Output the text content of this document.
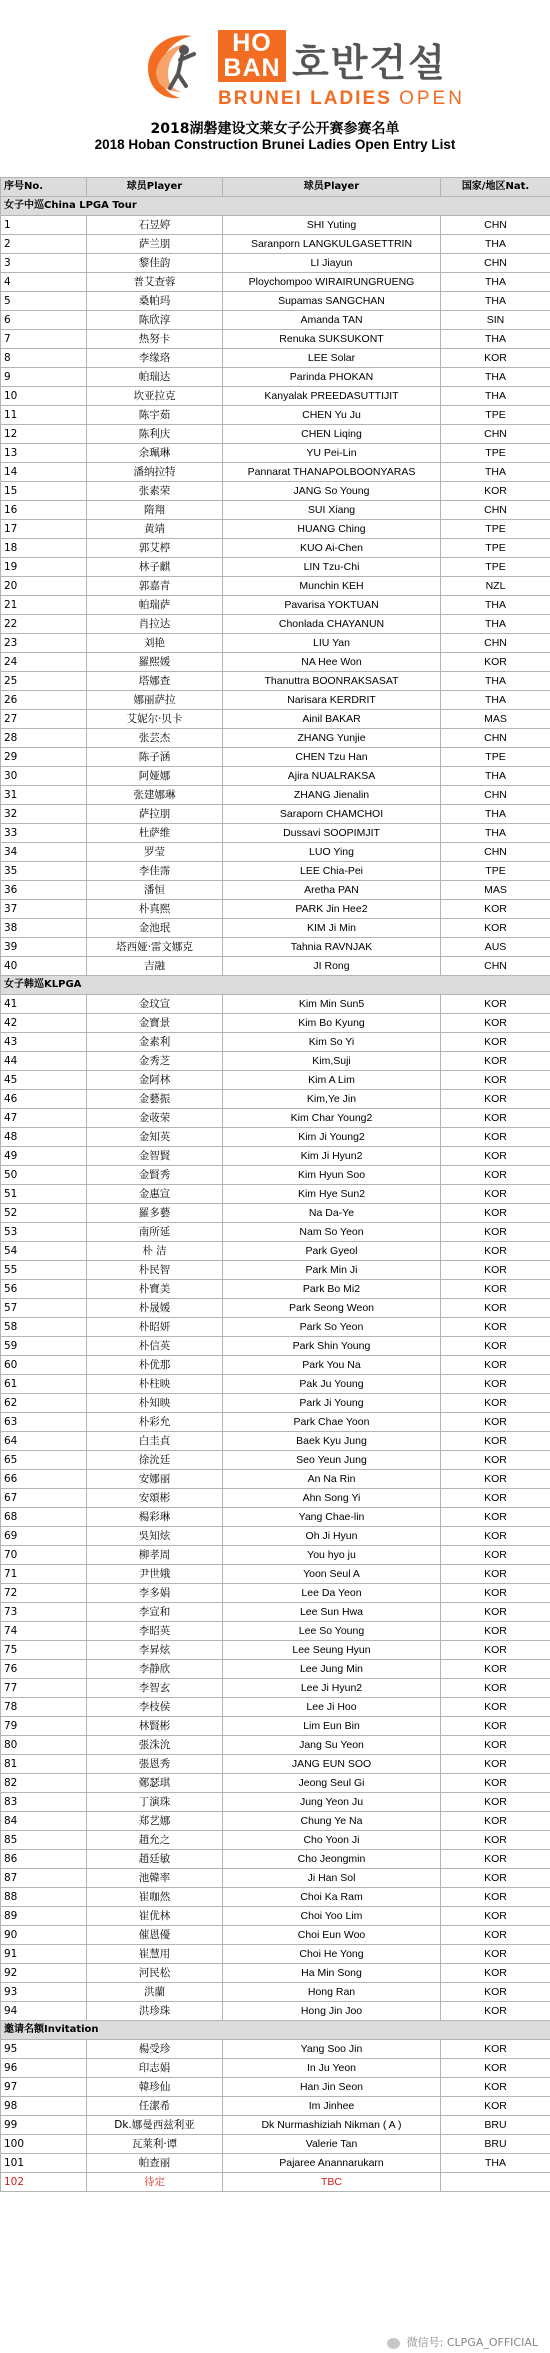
HO
BAN 호반건설
BRUNEI LADIES OPEN
2018湖磐建设文莱女子公开赛参赛名单
2018 Hoban Construction Brunei Ladies Open Entry List
序号No.	球员Player	球员Player	国家/地区Nat.
女子中巡China LPGA Tour			
1	石昱婷	SHI Yuting	CHN
2	萨兰朋	Saranporn LANGKULGASETTRIN	THA
3	黎佳韵	LI Jiayun	CHN
4	普艾查蓉	Ploychompoo WIRAIRUNGRUENG	THA
5	桑帕玛	Supamas SANGCHAN	THA
6	陈欣淳	Amanda TAN	SIN
7	热努卡	Renuka SUKSUKONT	THA
8	李缘珞	LEE Solar	KOR
9	帕瑞达	Parinda PHOKAN	THA
10	坎亚拉克	Kanyalak PREEDASUTTIJIT	THA
11	陈宇茹	CHEN Yu Ju	TPE
12	陈利庆	CHEN Liqing	CHN
13	余珮琳	YU Pei-Lin	TPE
14	潘纳拉特	Pannarat THANAPOLBOONYARAS	THA
15	张素荣	JANG So Young	KOR
16	隋翔	SUI Xiang	CHN
17	黄靖	HUANG Ching	TPE
18	郭艾楟	KUO Ai-Chen	TPE
19	林子麒	LIN Tzu-Chi	TPE
20	郭嘉青	Munchin KEH	NZL
21	帕瑞萨	Pavarisa YOKTUAN	THA
22	肖拉达	Chonlada CHAYANUN	THA
23	刘艳	LIU Yan	CHN
24	羅熙媛	NA Hee Won	KOR
25	塔娜查	Thanuttra BOONRAKSASAT	THA
26	娜丽萨拉	Narisara KERDRIT	THA
27	艾妮尔·贝卡	Ainil BAKAR	MAS
28	张芸杰	ZHANG Yunjie	CHN
29	陈子涵	CHEN Tzu Han	TPE
30	阿娅娜	Ajira NUALRAKSA	THA
31	张建娜琳	ZHANG Jienalin	CHN
32	萨拉朋	Saraporn CHAMCHOI	THA
33	杜萨维	Dussavi SOOPIMJIT	THA
34	罗莹	LUO Ying	CHN
35	李佳霈	LEE Chia-Pei	TPE
36	潘恒	Aretha PAN	MAS
37	朴真熙	PARK Jin Hee2	KOR
38	金池珉	KIM Ji Min	KOR
39	塔西娅·雷文娜克	Tahnia RAVNJAK	AUS
40	吉融	JI Rong	CHN
女子韩巡KLPGA			
41	金玟宣	Kim Min Sun5	KOR
42	金寶景	Kim Bo Kyung	KOR
43	金素利	Kim So Yi	KOR
44	金秀芝	Kim,Suji	KOR
45	金阿林	Kim A Lim	KOR
46	金藝振	Kim,Ye Jin	KOR
47	金荍荣	Kim Char Young2	KOR
48	金知英	Kim Ji Young2	KOR
49	金智賢	Kim Ji Hyun2	KOR
50	金賢秀	Kim Hyun Soo	KOR
51	金惠宣	Kim Hye Sun2	KOR
52	羅多藝	Na Da-Ye	KOR
53	南所延	Nam So Yeon	KOR
54	朴 洁	Park Gyeol	KOR
55	朴民智	Park Min Ji	KOR
56	朴寶美	Park Bo Mi2	KOR
57	朴晟媛	Park Seong Weon	KOR
58	朴昭妍	Park So Yeon	KOR
59	朴信英	Park Shin Young	KOR
60	朴优那	Park You Na	KOR
61	朴柱映	Pak Ju Young	KOR
62	朴知映	Park Ji Young	KOR
63	朴彩允	Park Chae Yoon	KOR
64	白圭貞	Baek Kyu Jung	KOR
65	徐沇廷	Seo Yeun Jung	KOR
66	安娜丽	An Na Rin	KOR
67	安頌彬	Ahn Song Yi	KOR
68	楊彩琳	Yang Chae-lin	KOR
69	吳知炫	Oh Ji Hyun	KOR
70	柳孝周	You hyo ju	KOR
71	尹世娥	Yoon Seul A	KOR
72	李多娟	Lee Da Yeon	KOR
73	李宣和	Lee Sun Hwa	KOR
74	李昭英	Lee So Young	KOR
75	李昇炫	Lee Seung Hyun	KOR
76	李静欣	Lee Jung Min	KOR
77	李智玄	Lee Ji Hyun2	KOR
78	李枝侯	Lee Ji Hoo	KOR
79	林賢彬	Lim Eun Bin	KOR
80	張洙沇	Jang Su Yeon	KOR
81	張恩秀	JANG EUN SOO	KOR
82	鄭瑟琪	Jeong Seul Gi	KOR
83	丁演珠	Jung Yeon Ju	KOR
84	郑艺娜	Chung Ye Na	KOR
85	趙允之	Cho Yoon Ji	KOR
86	趙廷敏	Cho Jeongmin	KOR
87	池韓率	Ji Han Sol	KOR
88	崔咖然	Choi Ka Ram	KOR
89	崔优林	Choi Yoo Lim	KOR
90	催恩優	Choi Eun Woo	KOR
91	崔慧用	Choi He Yong	KOR
92	河民松	Ha Min Song	KOR
93	洪蘭	Hong Ran	KOR
94	洪珍珠	Hong Jin Joo	KOR
邀请名额Invitation			
95	楊受珍	Yang Soo Jin	KOR
96	印志娟	In Ju Yeon	KOR
97	韓珍仙	Han Jin Seon	KOR
98	任潔希	Im Jinhee	KOR
99	Dk.娜曼西兹利亚	Dk Nurmashiziah Nikman ( A )	BRU
100	瓦莱利·谭	Valerie Tan	BRU
101	帕查丽	Pajaree Anannarukarn	THA
102	待定	TBC	
微信号: CLPGA_OFFICIAL
